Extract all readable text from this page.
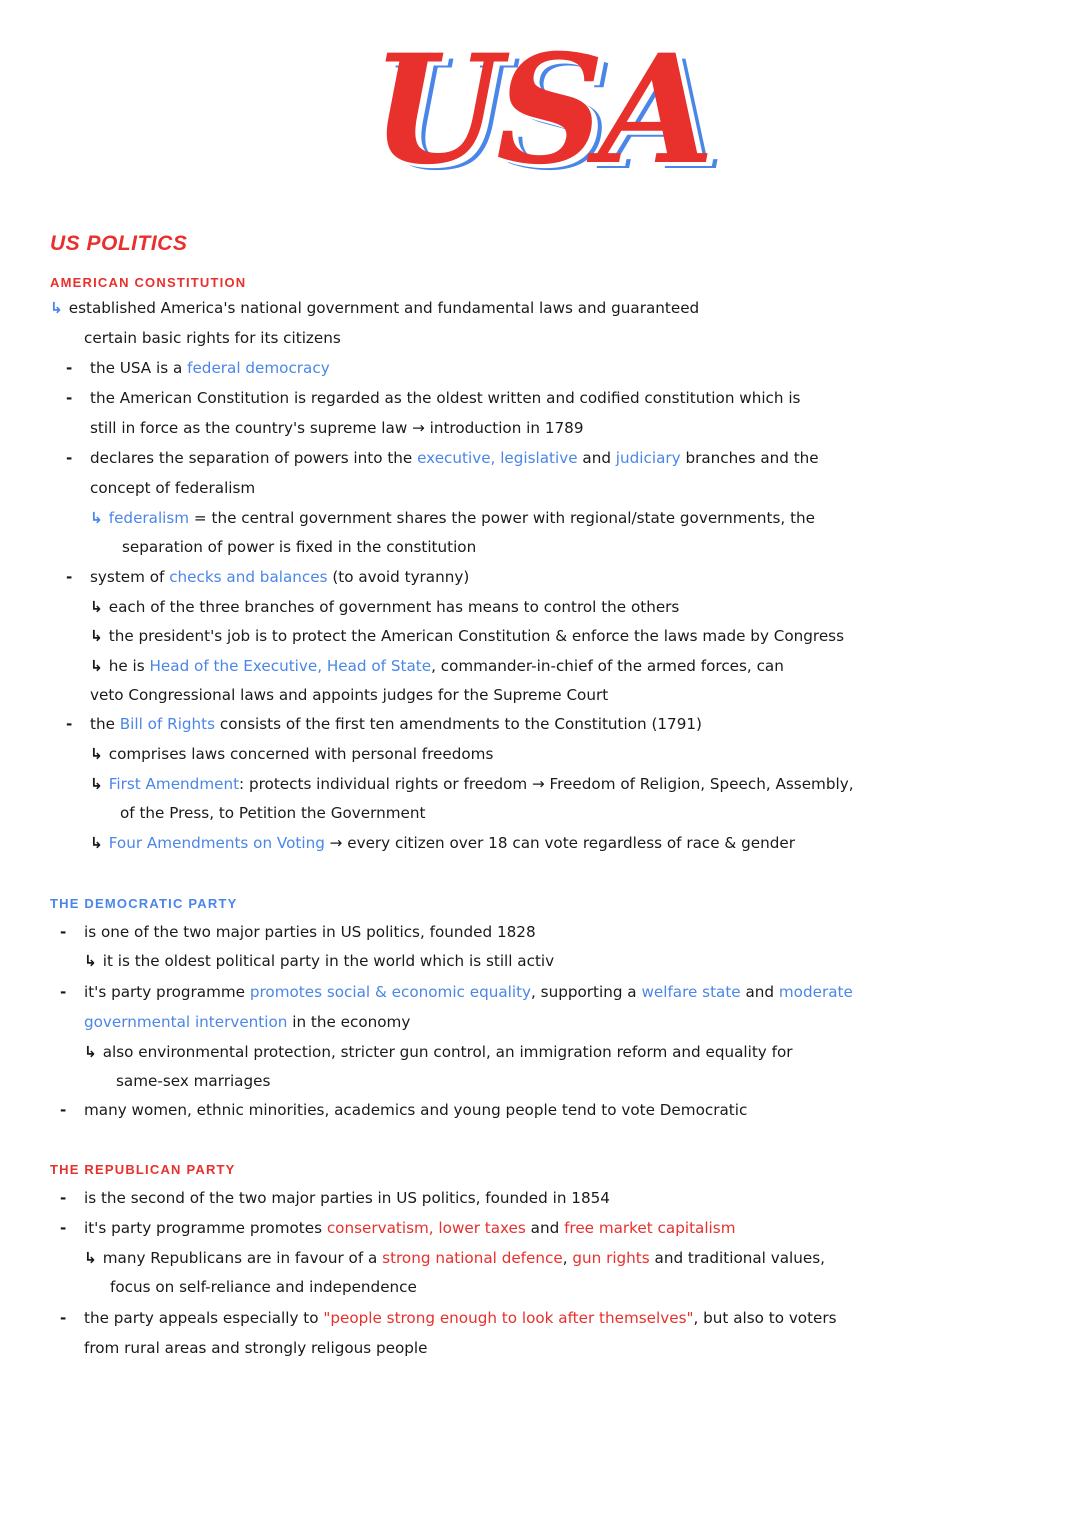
USA
US POLITICS
AMERICAN CONSTITUTION
↳ established America's national government and fundamental laws and guaranteed
certain basic rights for its citizens
- the USA is a federal democracy
- the American Constitution is regarded as the oldest written and codified constitution which is
still in force as the country's supreme law → introduction in 1789
- declares the separation of powers into the executive, legislative and judiciary branches and the
concept of federalism
↳ federalism = the central government shares the power with regional/state governments, the
separation of power is fixed in the constitution
- system of checks and balances (to avoid tyranny)
↳ each of the three branches of government has means to control the others
↳ the president's job is to protect the American Constitution & enforce the laws made by Congress
↳ he is Head of the Executive, Head of State, commander-in-chief of the armed forces, can
veto Congressional laws and appoints judges for the Supreme Court
- the Bill of Rights consists of the first ten amendments to the Constitution (1791)
↳ comprises laws concerned with personal freedoms
↳ First Amendment: protects individual rights or freedom → Freedom of Religion, Speech, Assembly,
of the Press, to Petition the Government
↳ Four Amendments on Voting → every citizen over 18 can vote regardless of race & gender
THE DEMOCRATIC PARTY
- is one of the two major parties in US politics, founded 1828
↳ it is the oldest political party in the world which is still activ
- it's party programme promotes social & economic equality, supporting a welfare state and moderate
governmental intervention in the economy
↳ also environmental protection, stricter gun control, an immigration reform and equality for
same-sex marriages
- many women, ethnic minorities, academics and young people tend to vote Democratic
THE REPUBLICAN PARTY
- is the second of the two major parties in US politics, founded in 1854
- it's party programme promotes conservatism, lower taxes and free market capitalism
↳ many Republicans are in favour of a strong national defence, gun rights and traditional values,
focus on self-reliance and independence
- the party appeals especially to "people strong enough to look after themselves", but also to voters
from rural areas and strongly religous people
